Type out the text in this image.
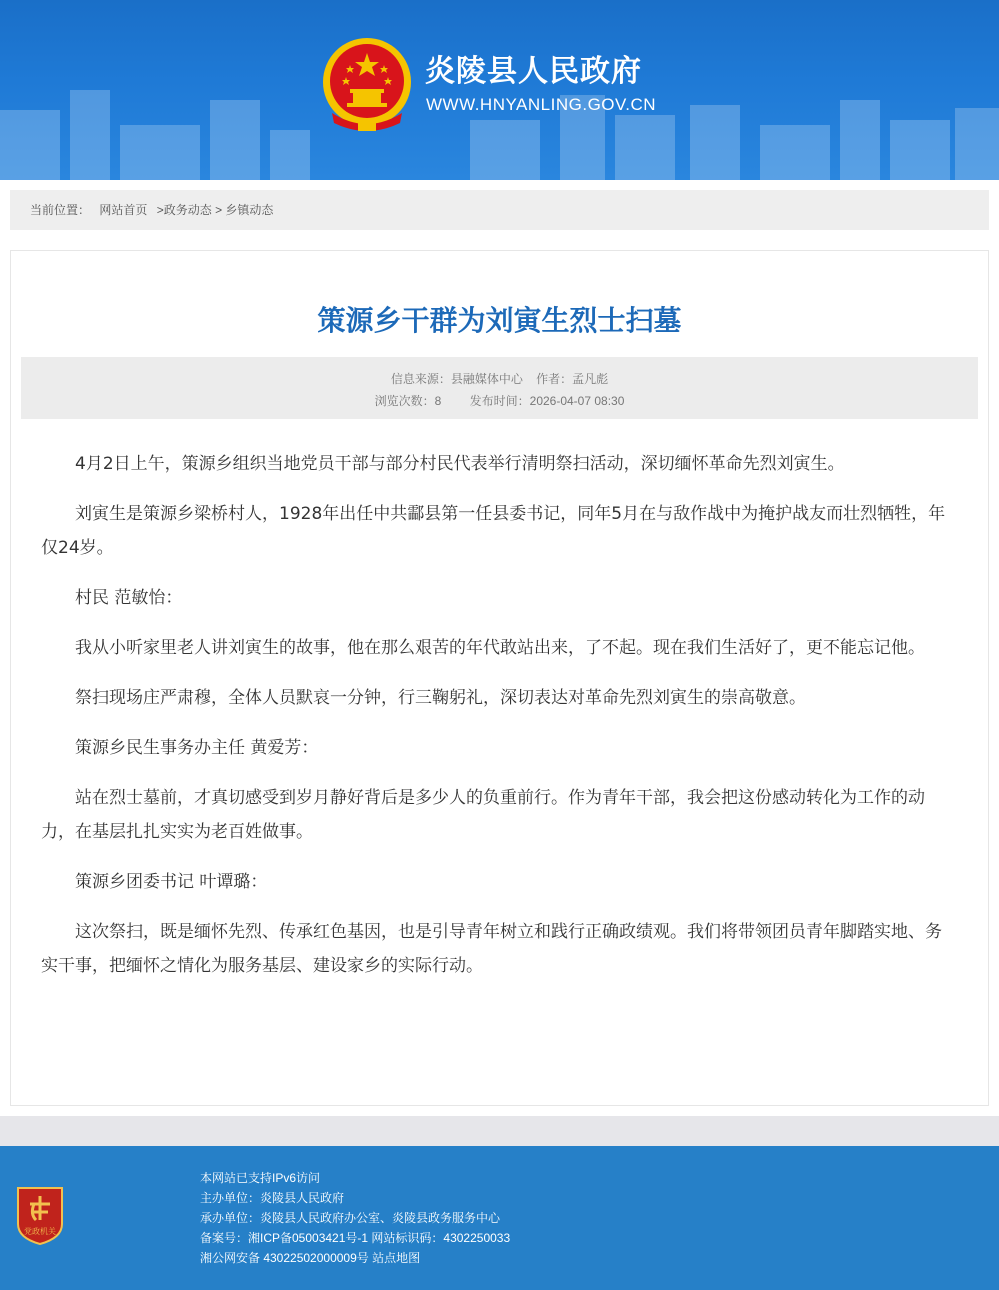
炎陵县人民政府
WWW.HNYANLING.GOV.CN
当前位置： 网站首页 >政务动态 > 乡镇动态
策源乡干群为刘寅生烈士扫墓
信息来源：县融媒体中心 作者：孟凡彪
浏览次数：8 发布时间：2026-04-07 08:30

4月2日上午，策源乡组织当地党员干部与部分村民代表举行清明祭扫活动，深切缅怀革命先烈刘寅生。

刘寅生是策源乡梁桥村人，1928年出任中共酃县第一任县委书记，同年5月在与敌作战中为掩护战友而壮烈牺牲，年仅24岁。

村民 范敏怡：

我从小听家里老人讲刘寅生的故事，他在那么艰苦的年代敢站出来，了不起。现在我们生活好了，更不能忘记他。

祭扫现场庄严肃穆，全体人员默哀一分钟，行三鞠躬礼，深切表达对革命先烈刘寅生的崇高敬意。

策源乡民生事务办主任 黄爱芳：

站在烈士墓前，才真切感受到岁月静好背后是多少人的负重前行。作为青年干部，我会把这份感动转化为工作的动力，在基层扎扎实实为老百姓做事。

策源乡团委书记 叶谭璐：

这次祭扫，既是缅怀先烈、传承红色基因，也是引导青年树立和践行正确政绩观。我们将带领团员青年脚踏实地、务实干事，把缅怀之情化为服务基层、建设家乡的实际行动。

党政机关
本网站已支持IPv6访问
主办单位：炎陵县人民政府
承办单位：炎陵县人民政府办公室、炎陵县政务服务中心
备案号：湘ICP备05003421号-1 网站标识码：4302250033
湘公网安备 43022502000009号 站点地图
